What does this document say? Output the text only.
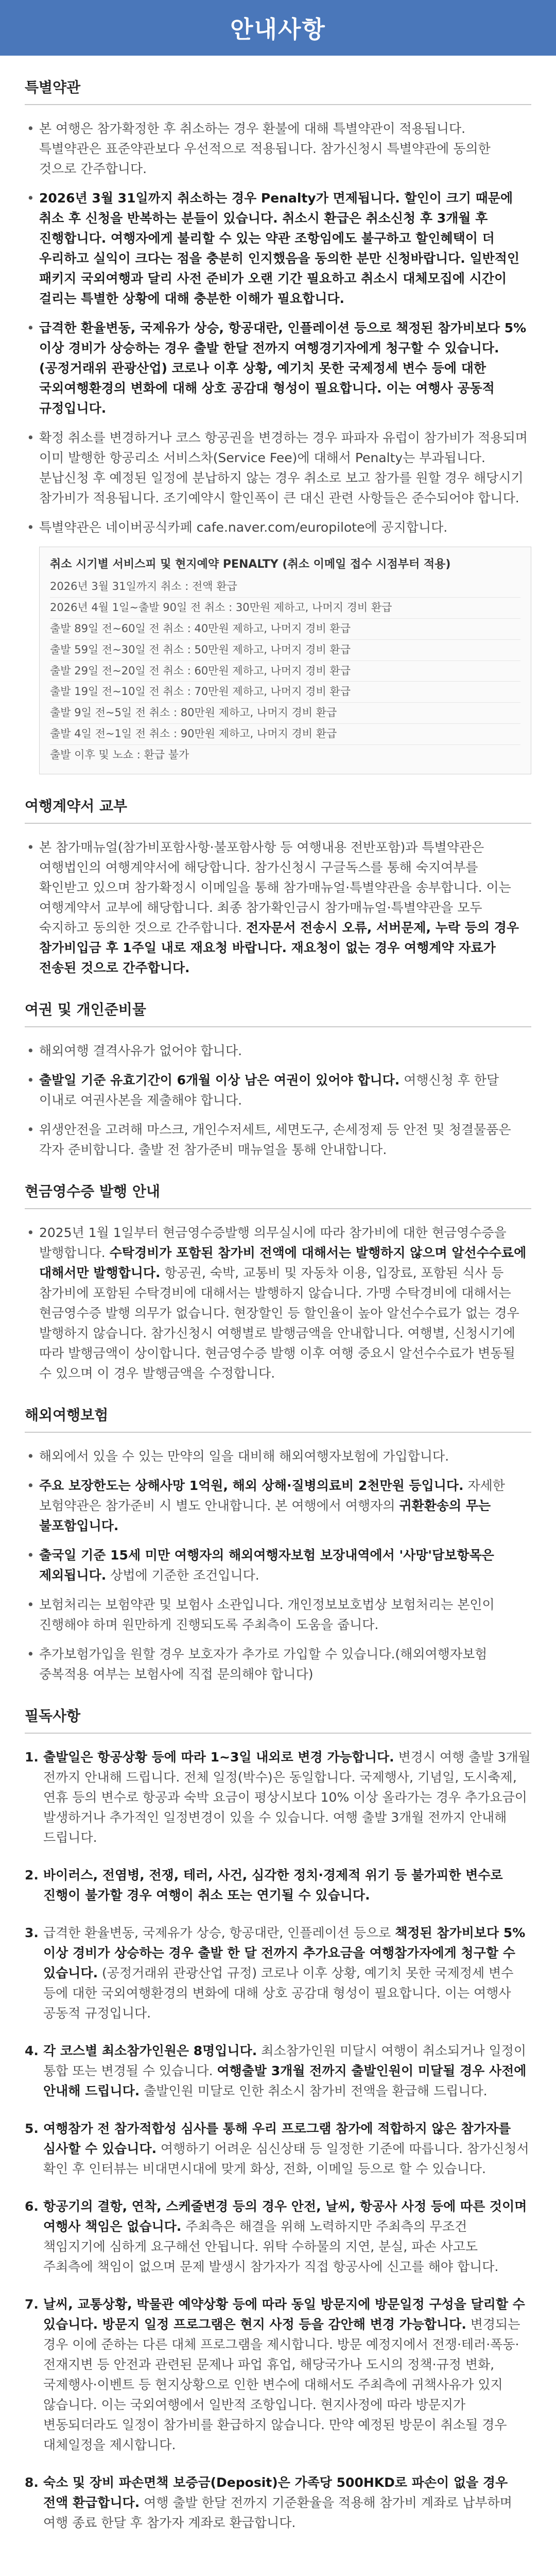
안내사항
특별약관
• 본 여행은 참가확정한 후 취소하는 경우 환불에 대해 특별약관이 적용됩니다. 특별약관은 표준약관보다 우선적으로 적용됩니다. 참가신청시 특별약관에 동의한 것으로 간주합니다.
• 2026년 3월 31일까지 취소하는 경우 Penalty가 면제됩니다. 할인이 크기 때문에 취소 후 신청을 반복하는 분들이 있습니다. 취소시 환급은 취소신청 후 3개월 후 진행합니다. 여행자에게 불리할 수 있는 약관 조항임에도 불구하고 할인혜택이 더 우리하고 실익이 크다는 점을 충분히 인지했음을 동의한 분만 신청바랍니다. 일반적인 패키지 국외여행과 달리 사전 준비가 오랜 기간 필요하고 취소시 대체모집에 시간이 걸리는 특별한 상황에 대해 충분한 이해가 필요합니다.
• 급격한 환율변동, 국제유가 상승, 항공대란, 인플레이션 등으로 책정된 참가비보다 5% 이상 경비가 상승하는 경우 출발 한달 전까지 여행경기자에게 청구할 수 있습니다.(공정거래위 관광산업) 코로나 이후 상황, 예기치 못한 국제정세 변수 등에 대한 국외여행환경의 변화에 대해 상호 공감대 형성이 필요합니다. 이는 여행사 공동적 규정입니다.
• 확정 취소를 변경하거나 코스 항공권을 변경하는 경우 파파자 유럽이 참가비가 적용되며 이미 발행한 항공리소 서비스차(Service Fee)에 대해서 Penalty는 부과됩니다. 분납신청 후 예정된 일정에 분납하지 않는 경우 취소로 보고 참가를 원할 경우 해당시기 참가비가 적용됩니다. 조기예약시 할인폭이 큰 대신 관련 사항들은 준수되어야 합니다.
• 특별약관은 네이버공식카페 cafe.naver.com/europilote에 공지합니다.
취소 시기별 서비스피 및 현지예약 PENALTY (취소 이메일 접수 시점부터 적용)
2026년 3월 31일까지 취소 : 전액 환급
2026년 4월 1일~출발 90일 전 취소 : 30만원 제하고, 나머지 경비 환급
출발 89일 전~60일 전 취소 : 40만원 제하고, 나머지 경비 환급
출발 59일 전~30일 전 취소 : 50만원 제하고, 나머지 경비 환급
출발 29일 전~20일 전 취소 : 60만원 제하고, 나머지 경비 환급
출발 19일 전~10일 전 취소 : 70만원 제하고, 나머지 경비 환급
출발 9일 전~5일 전 취소 : 80만원 제하고, 나머지 경비 환급
출발 4일 전~1일 전 취소 : 90만원 제하고, 나머지 경비 환급
출발 이후 및 노쇼 : 환급 불가
여행계약서 교부
• 본 참가매뉴얼(참가비포함사항·불포함사항 등 여행내용 전반포함)과 특별약관은 여행법인의 여행계약서에 해당합니다. 참가신청시 구글독스를 통해 숙지여부를 확인받고 있으며 참가확정시 이메일을 통해 참가매뉴얼·특별약관을 송부합니다. 이는 여행계약서 교부에 해당합니다. 최종 참가확인금시 참가매뉴얼·특별약관을 모두 숙지하고 동의한 것으로 간주합니다. 전자문서 전송시 오류, 서버문제, 누락 등의 경우 참가비입금 후 1주일 내로 재요청 바랍니다. 재요청이 없는 경우 여행계약 자료가 전송된 것으로 간주합니다.
여권 및 개인준비물
• 해외여행 결격사유가 없어야 합니다.
• 출발일 기준 유효기간이 6개월 이상 남은 여권이 있어야 합니다. 여행신청 후 한달 이내로 여권사본을 제출해야 합니다.
• 위생안전을 고려해 마스크, 개인수저세트, 세면도구, 손세정제 등 안전 및 청결물품은 각자 준비합니다. 출발 전 참가준비 매뉴얼을 통해 안내합니다.
현금영수증 발행 안내
• 2025년 1월 1일부터 현금영수증발행 의무실시에 따라 참가비에 대한 현금영수증을 발행합니다. 수탁경비가 포함된 참가비 전액에 대해서는 발행하지 않으며 알선수수료에 대해서만 발행합니다. 항공권, 숙박, 교통비 및 자동차 이용, 입장료, 포함된 식사 등 참가비에 포함된 수탁경비에 대해서는 발행하지 않습니다. 가맹 수탁경비에 대해서는 현금영수증 발행 의무가 없습니다. 현장할인 등 할인율이 높아 알선수수료가 없는 경우 발행하지 않습니다. 참가신청시 여행별로 발행금액을 안내합니다. 여행별, 신청시기에 따라 발행금액이 상이합니다. 현금영수증 발행 이후 여행 중요시 알선수수료가 변동될 수 있으며 이 경우 발행금액을 수정합니다.
해외여행보험
• 해외에서 있을 수 있는 만약의 일을 대비해 해외여행자보험에 가입합니다.
• 주요 보장한도는 상해사망 1억원, 해외 상해·질병의료비 2천만원 등입니다. 자세한 보험약관은 참가준비 시 별도 안내합니다. 본 여행에서 여행자의 귀환환송의 무는 불포함입니다.
• 출국일 기준 15세 미만 여행자의 해외여행자보험 보장내역에서 '사망'담보항목은 제외됩니다. 상법에 기준한 조건입니다.
• 보험처리는 보험약관 및 보험사 소관입니다. 개인정보보호법상 보험처리는 본인이 진행해야 하며 원만하게 진행되도록 주최측이 도움을 줍니다.
• 추가보험가입을 원할 경우 보호자가 추가로 가입할 수 있습니다.(해외여행자보험 중복적용 여부는 보험사에 직접 문의해야 합니다)
필독사항
1. 출발일은 항공상황 등에 따라 1~3일 내외로 변경 가능합니다. 변경시 여행 출발 3개월 전까지 안내해 드립니다. 전체 일정(박수)은 동일합니다. 국제행사, 기념일, 도시축제, 연휴 등의 변수로 항공과 숙박 요금이 평상시보다 10% 이상 올라가는 경우 추가요금이 발생하거나 추가적인 일정변경이 있을 수 있습니다. 여행 출발 3개월 전까지 안내해 드립니다.
2. 바이러스, 전염병, 전쟁, 테러, 사건, 심각한 정치·경제적 위기 등 불가피한 변수로 진행이 불가할 경우 여행이 취소 또는 연기될 수 있습니다.
3. 급격한 환율변동, 국제유가 상승, 항공대란, 인플레이션 등으로 책정된 참가비보다 5% 이상 경비가 상승하는 경우 출발 한 달 전까지 추가요금을 여행참가자에게 청구할 수 있습니다. (공정거래위 관광산업 규정) 코로나 이후 상황, 예기치 못한 국제정세 변수 등에 대한 국외여행환경의 변화에 대해 상호 공감대 형성이 필요합니다. 이는 여행사 공동적 규정입니다.
4. 각 코스별 최소참가인원은 8명입니다. 최소참가인원 미달시 여행이 취소되거나 일정이 통합 또는 변경될 수 있습니다. 여행출발 3개월 전까지 출발인원이 미달될 경우 사전에 안내해 드립니다. 출발인원 미달로 인한 취소시 참가비 전액을 환급해 드립니다.
5. 여행참가 전 참가적합성 심사를 통해 우리 프로그램 참가에 적합하지 않은 참가자를 심사할 수 있습니다. 여행하기 어려운 심신상태 등 일정한 기준에 따릅니다. 참가신청서 확인 후 인터뷰는 비대면시대에 맞게 화상, 전화, 이메일 등으로 할 수 있습니다.
6. 항공기의 결항, 연착, 스케줄변경 등의 경우 안전, 날씨, 항공사 사정 등에 따른 것이며 여행사 책임은 없습니다. 주최측은 해결을 위해 노력하지만 주최측의 무조건 책임지기에 심하게 요구해선 안됩니다. 위탁 수하물의 지연, 분실, 파손 사고도 주최측에 책임이 없으며 문제 발생시 참가자가 직접 항공사에 신고를 해야 합니다.
7. 날씨, 교통상황, 박물관 예약상황 등에 따라 동일 방문지에 방문일정 구성을 달리할 수 있습니다. 방문지 일정 프로그램은 현지 사정 등을 감안해 변경 가능합니다. 변경되는 경우 이에 준하는 다른 대체 프로그램을 제시합니다. 방문 예정지에서 전쟁·테러·폭동·전재지변 등 안전과 관련된 문제나 파업 휴업, 해당국가나 도시의 정책·규정 변화, 국제행사·이벤트 등 현지상황으로 인한 변수에 대해서도 주최측에 귀책사유가 있지 않습니다. 이는 국외여행에서 일반적 조항입니다. 현지사정에 따라 방문지가 변동되더라도 일정이 참가비를 환급하지 않습니다. 만약 예정된 방문이 취소될 경우 대체일정을 제시합니다.
8. 숙소 및 장비 파손면책 보증금(Deposit)은 가족당 500HKD로 파손이 없을 경우 전액 환급합니다. 여행 출발 한달 전까지 기준환율을 적용해 참가비 계좌로 납부하며 여행 종료 한달 후 참가자 계좌로 환급합니다.
